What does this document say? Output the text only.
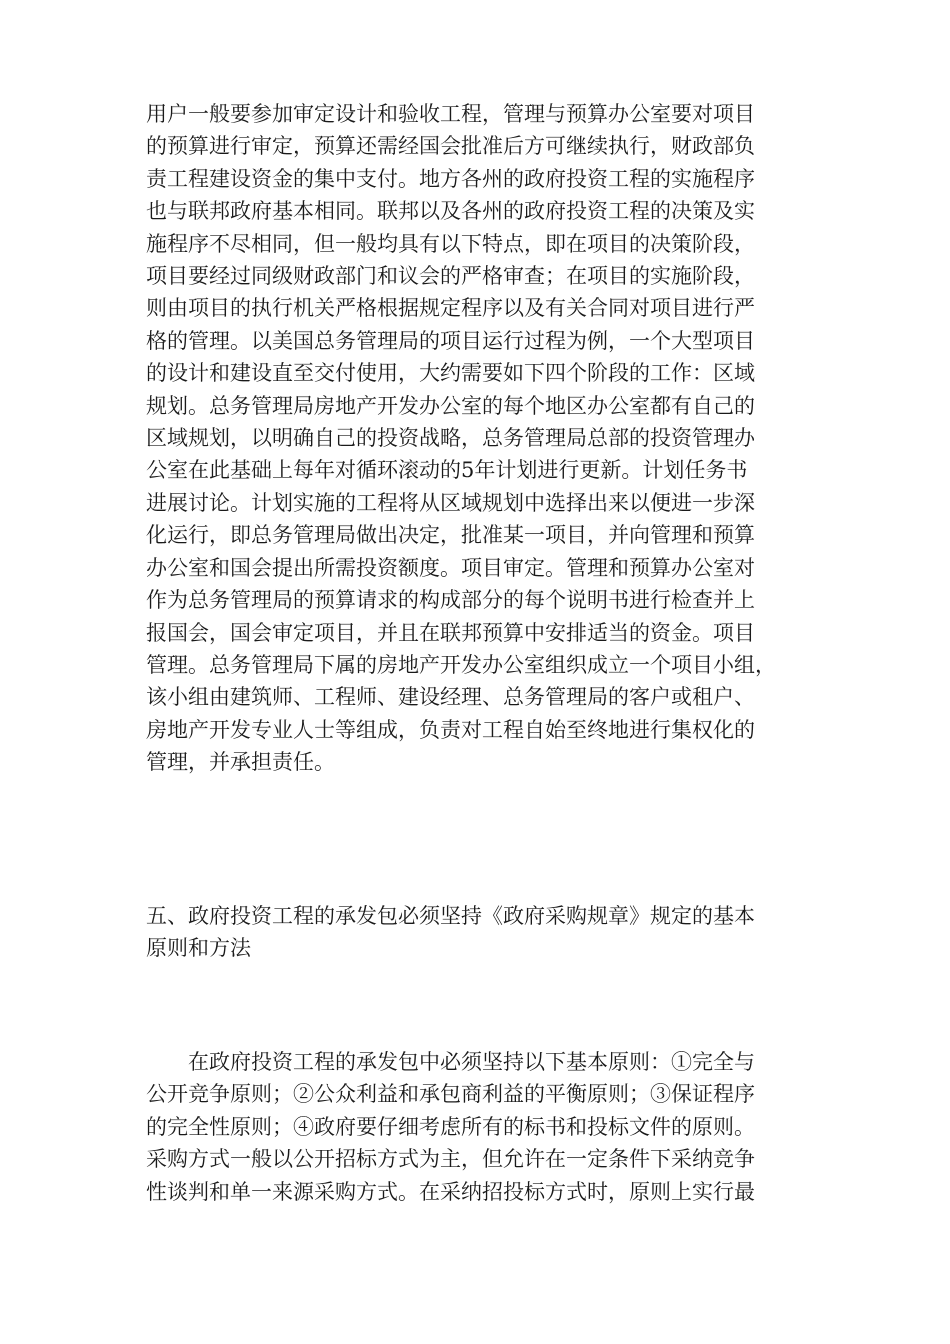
用户一般要参加审定设计和验收工程，管理与预算办公室要对项目
的预算进行审定，预算还需经国会批准后方可继续执行，财政部负
责工程建设资金的集中支付。地方各州的政府投资工程的实施程序
也与联邦政府基本相同。联邦以及各州的政府投资工程的决策及实
施程序不尽相同，但一般均具有以下特点，即在项目的决策阶段，
项目要经过同级财政部门和议会的严格审查；在项目的实施阶段，
则由项目的执行机关严格根据规定程序以及有关合同对项目进行严
格的管理。以美国总务管理局的项目运行过程为例，一个大型项目
的设计和建设直至交付使用，大约需要如下四个阶段的工作：区域
规划。总务管理局房地产开发办公室的每个地区办公室都有自己的
区域规划，以明确自己的投资战略，总务管理局总部的投资管理办
公室在此基础上每年对循环滚动的5年计划进行更新。计划任务书
进展讨论。计划实施的工程将从区域规划中选择出来以便进一步深
化运行，即总务管理局做出决定，批准某一项目，并向管理和预算
办公室和国会提出所需投资额度。项目审定。管理和预算办公室对
作为总务管理局的预算请求的构成部分的每个说明书进行检查并上
报国会，国会审定项目，并且在联邦预算中安排适当的资金。项目
管理。总务管理局下属的房地产开发办公室组织成立一个项目小组，
该小组由建筑师、工程师、建设经理、总务管理局的客户或租户、
房地产开发专业人士等组成，负责对工程自始至终地进行集权化的
管理，并承担责任。

五、政府投资工程的承发包必须坚持《政府采购规章》规定的基本
原则和方法

　　在政府投资工程的承发包中必须坚持以下基本原则：①完全与
公开竞争原则；②公众利益和承包商利益的平衡原则；③保证程序
的完全性原则；④政府要仔细考虑所有的标书和投标文件的原则。
采购方式一般以公开招标方式为主，但允许在一定条件下采纳竞争
性谈判和单一来源采购方式。在采纳招投标方式时，原则上实行最
